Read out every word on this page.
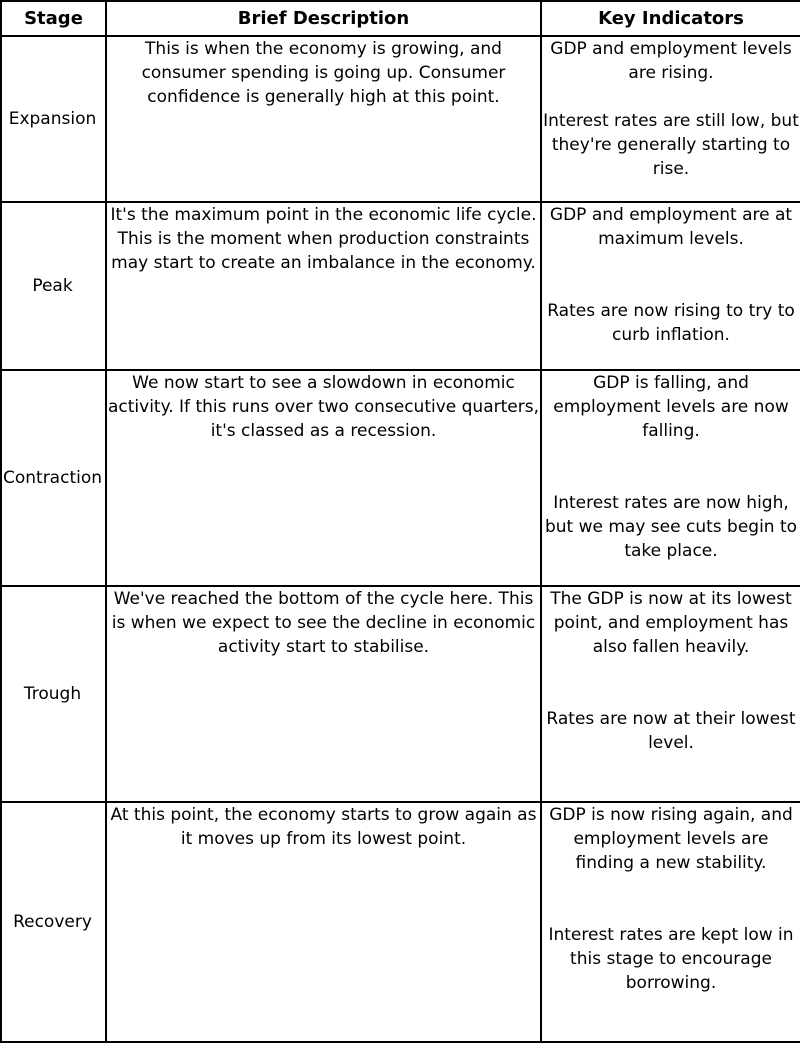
Stage	Brief Description	Key Indicators

Expansion	This is when the economy is growing, and consumer spending is going up. Consumer confidence is generally high at this point.	GDP and employment levels are rising.
Interest rates are still low, but they're generally starting to rise.

Peak	It's the maximum point in the economic life cycle. This is the moment when production constraints may start to create an imbalance in the economy.	GDP and employment are at maximum levels.
Rates are now rising to try to curb inflation.

Contraction	We now start to see a slowdown in economic activity. If this runs over two consecutive quarters, it's classed as a recession.	GDP is falling, and employment levels are now falling.
Interest rates are now high, but we may see cuts begin to take place.

Trough	We've reached the bottom of the cycle here. This is when we expect to see the decline in economic activity start to stabilise.	The GDP is now at its lowest point, and employment has also fallen heavily.
Rates are now at their lowest level.

Recovery	At this point, the economy starts to grow again as it moves up from its lowest point.	GDP is now rising again, and employment levels are finding a new stability.
Interest rates are kept low in this stage to encourage borrowing.
